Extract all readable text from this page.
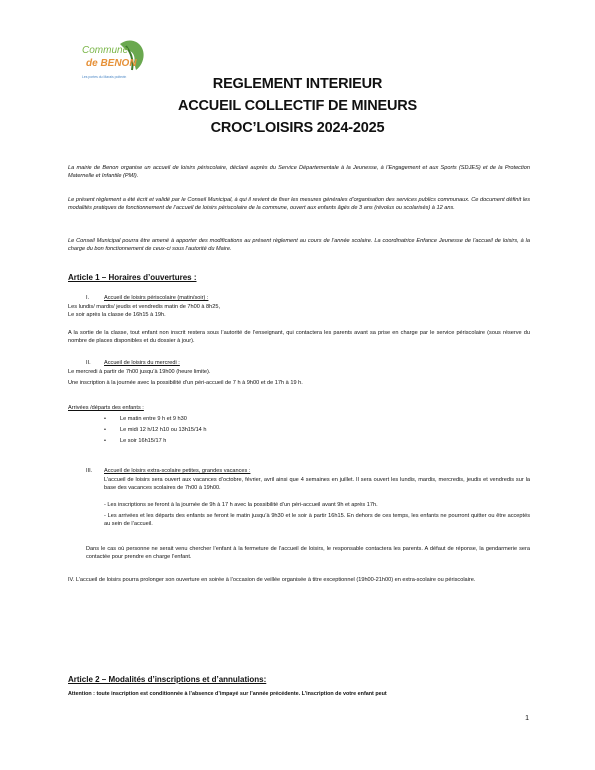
Commune
de BENON
Les portes du Marais poitevin	REGLEMENT INTERIEUR
ACCUEIL COLLECTIF DE MINEURS
CROC’LOISIRS 2024-2025
La mairie de Benon organise un accueil de loisirs périscolaire, déclaré auprès du Service Départementale à la Jeunesse, à l’Engagement et aux Sports (SDJES) et de la Protection Maternelle et Infantile (PMI).
Le présent règlement a été écrit et validé par le Conseil Municipal, à qui il revient de fixer les mesures générales d’organisation des services publics communaux. Ce document définit les modalités pratiques de fonctionnement de l’accueil de loisirs périscolaire de la commune, ouvert aux enfants âgés de 3 ans (révolus ou scolarisés) à 12 ans.
Le Conseil Municipal pourra être amené à apporter des modifications au présent règlement au cours de l’année scolaire. La coordinatrice Enfance Jeunesse de l’accueil de loisirs, à la charge du bon fonctionnement de ceux-ci sous l’autorité du Maire.
Article 1 – Horaires d’ouvertures :
I.	Accueil de loisirs périscolaire (matin/soir) :
Les lundis/ mardis/ jeudis et vendredis matin de 7h00 à 8h25,
Le soir après la classe de 16h15 à 19h.
A la sortie de la classe, tout enfant non inscrit restera sous l’autorité de l’enseignant, qui contactera les parents avant sa prise en charge par le service périscolaire (sous réserve du nombre de places disponibles et du dossier à jour).
II. Accueil de loisirs du mercredi :
Le mercredi à partir de 7h00 jusqu’à 19h00 (heure limite).
Une inscription à la journée avec la possibilité d’un péri-accueil de 7 h à 9h00 et de 17h à 19 h.
Arrivées /départs des enfants :
• Le matin entre 9 h et 9 h30
• Le midi 12 h/12 h10 ou 13h15/14 h
• Le soir 16h15/17 h
III. Accueil de loisirs extra-scolaire petites, grandes vacances :
L’accueil de loisirs sera ouvert aux vacances d’octobre, février, avril ainsi que 4 semaines en juillet. Il sera ouvert les lundis, mardis, mercredis, jeudis et vendredis sur la base des vacances scolaires de 7h00 à 19h00.
- Les inscriptions se feront à la journée de 9h à 17 h avec la possibilité d’un péri-accueil avant 9h et après 17h.
- Les arrivées et les départs des enfants se feront le matin jusqu’à 9h30 et le soir à partir 16h15. En dehors de ces temps, les enfants ne pourront quitter ou être acceptés au sein de l’accueil.
Dans le cas où personne ne serait venu chercher l’enfant à la fermeture de l’accueil de loisirs, le responsable contactera les parents. A défaut de réponse, la gendarmerie sera contactée pour prendre en charge l’enfant.
IV. L’accueil de loisirs pourra prolonger son ouverture en soirée à l’occasion de veillée organisée à titre exceptionnel (19h00-21h00) en extra-scolaire ou périscolaire.
Article 2 – Modalités d’inscriptions et d’annulations:
Attention : toute inscription est conditionnée à l’absence d’impayé sur l’année précédente. L’inscription de votre enfant peut
1
